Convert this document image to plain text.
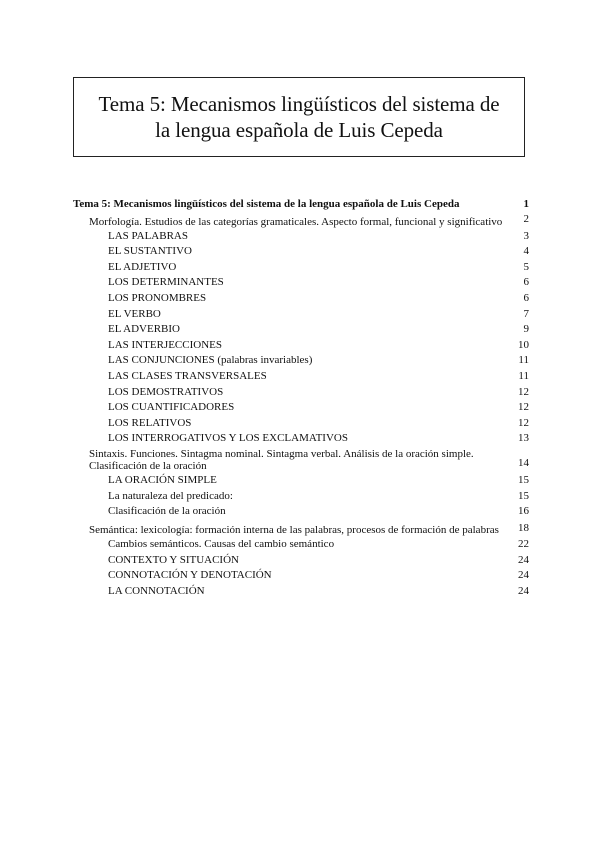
Tema 5: Mecanismos lingüísticos del sistema de
la lengua española de Luis Cepeda
Tema 5: Mecanismos lingüísticos del sistema de la lengua española de Luis Cepeda	1
Morfología. Estudios de las categorías gramaticales. Aspecto formal, funcional y significativo	2
LAS PALABRAS	3
EL SUSTANTIVO	4
EL ADJETIVO	5
LOS DETERMINANTES	6
LOS PRONOMBRES	6
EL VERBO	7
EL ADVERBIO	9
LAS INTERJECCIONES	10
LAS CONJUNCIONES (palabras invariables)	11
LAS CLASES TRANSVERSALES	11
LOS DEMOSTRATIVOS	12
LOS CUANTIFICADORES	12
LOS RELATIVOS	12
LOS INTERROGATIVOS Y LOS EXCLAMATIVOS	13
Sintaxis. Funciones. Sintagma nominal. Sintagma verbal. Análisis de la oración simple. Clasificación de la oración	14
LA ORACIÓN SIMPLE	15
La naturaleza del predicado:	15
Clasificación de la oración	16
Semántica: lexicología: formación interna de las palabras, procesos de formación de palabras	18
Cambios semánticos. Causas del cambio semántico	22
CONTEXTO Y SITUACIÓN	24
CONNOTACIÓN Y DENOTACIÓN	24
LA CONNOTACIÓN	24
